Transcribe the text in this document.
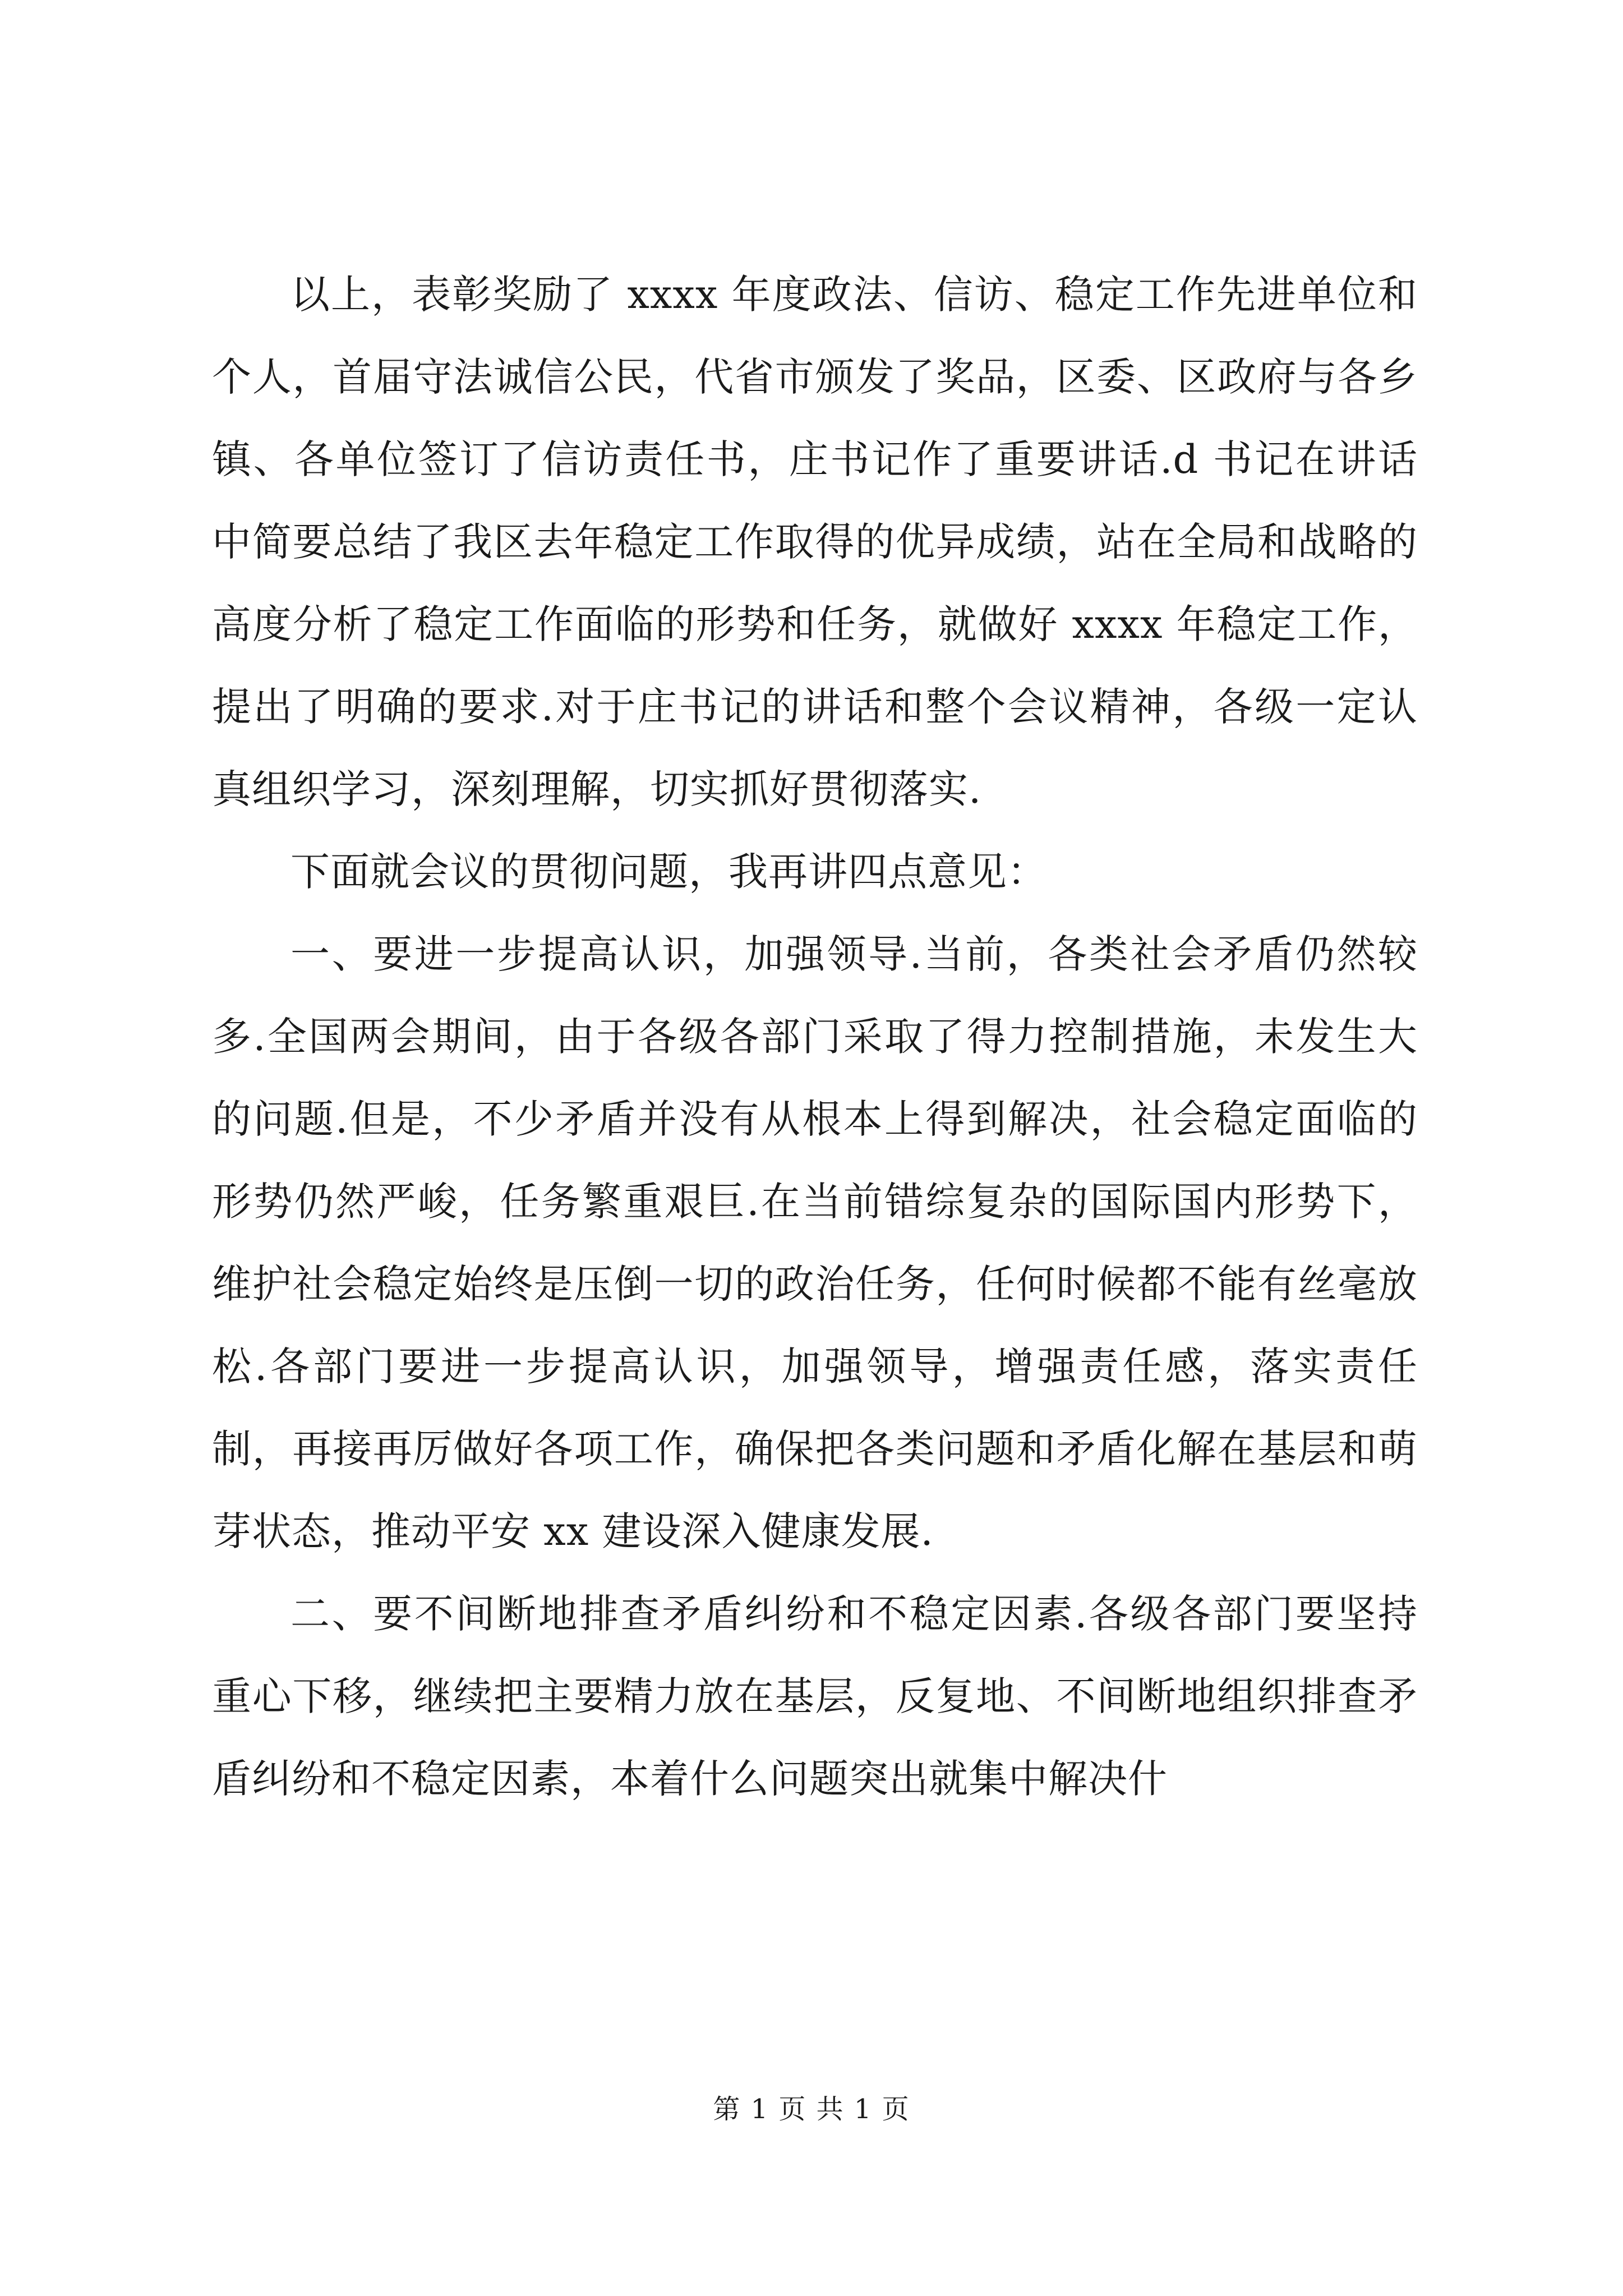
以上，表彰奖励了 xxxx 年度政法、信访、稳定工作先进单位和个人，首届守法诚信公民，代省市颁发了奖品，区委、区政府与各乡镇、各单位签订了信访责任书，庄书记作了重要讲话.d 书记在讲话中简要总结了我区去年稳定工作取得的优异成绩，站在全局和战略的高度分析了稳定工作面临的形势和任务，就做好 xxxx 年稳定工作，提出了明确的要求.对于庄书记的讲话和整个会议精神，各级一定认真组织学习，深刻理解，切实抓好贯彻落实.

下面就会议的贯彻问题，我再讲四点意见：

一、要进一步提高认识，加强领导.当前，各类社会矛盾仍然较多.全国两会期间，由于各级各部门采取了得力控制措施，未发生大的问题.但是，不少矛盾并没有从根本上得到解决，社会稳定面临的形势仍然严峻，任务繁重艰巨.在当前错综复杂的国际国内形势下，维护社会稳定始终是压倒一切的政治任务，任何时候都不能有丝毫放松.各部门要进一步提高认识，加强领导，增强责任感，落实责任制，再接再厉做好各项工作，确保把各类问题和矛盾化解在基层和萌芽状态，推动平安 xx 建设深入健康发展.

二、要不间断地排查矛盾纠纷和不稳定因素.各级各部门要坚持重心下移，继续把主要精力放在基层，反复地、不间断地组织排查矛盾纠纷和不稳定因素，本着什么问题突出就集中解决什

第 1 页 共 1 页
